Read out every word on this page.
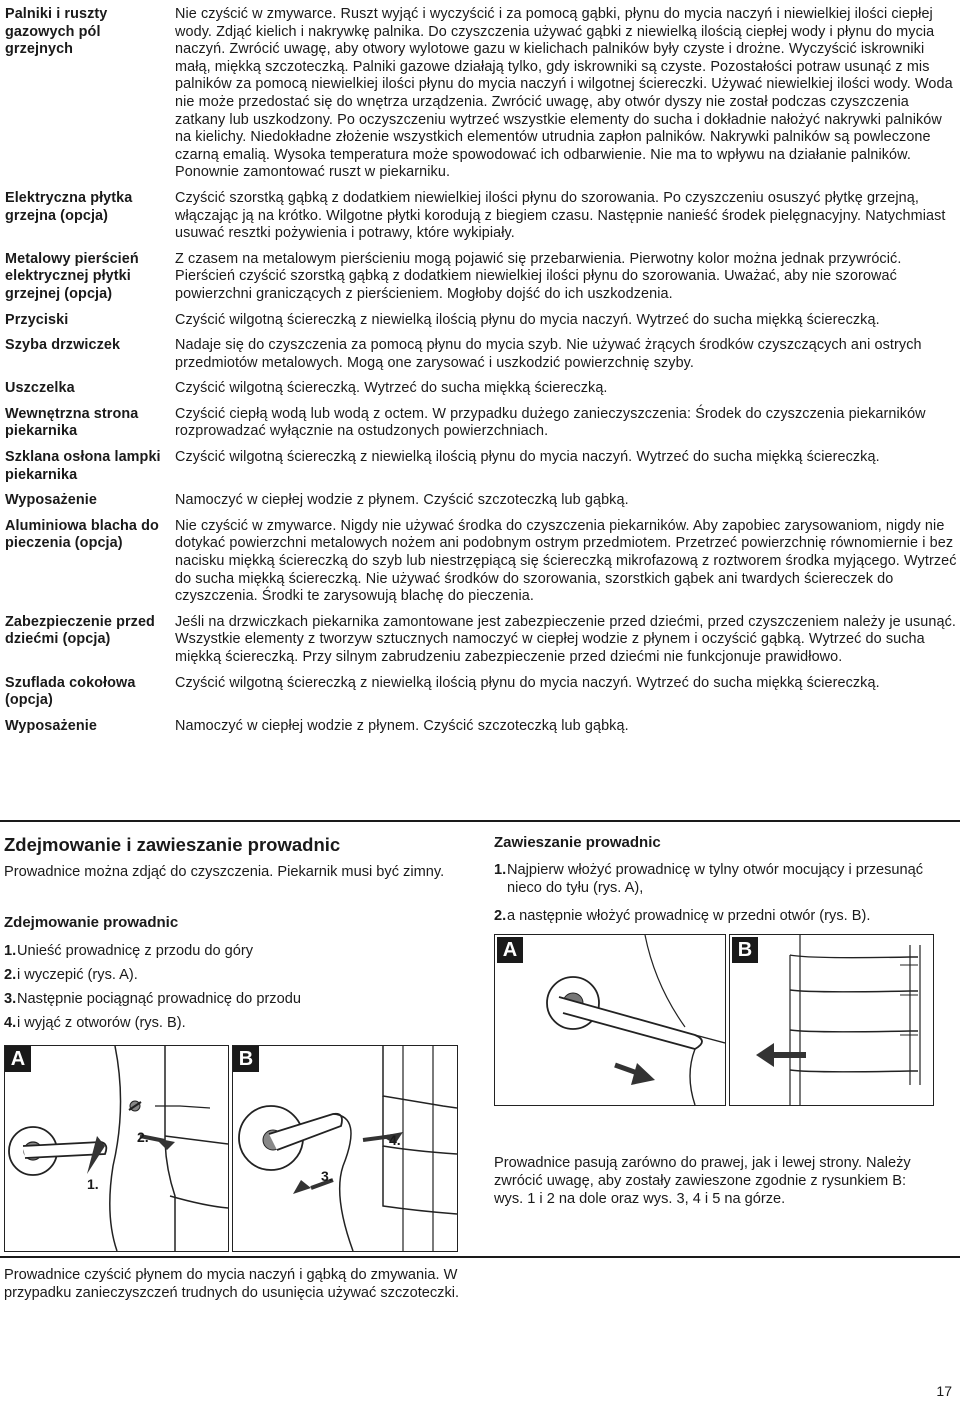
Palniki i ruszty gazowych pól grzejnych	Nie czyścić w zmywarce. Ruszt wyjąć i wyczyścić i za pomocą gąbki, płynu do mycia naczyń i niewielkiej ilości ciepłej wody. Zdjąć kielich i nakrywkę palnika. Do czyszczenia używać gąbki z niewielką ilością ciepłej wody i płynu do mycia naczyń. Zwrócić uwagę, aby otwory wylotowe gazu w kielichach palników były czyste i drożne. Wyczyścić iskrowniki małą, miękką szczoteczką. Palniki gazowe działają tylko, gdy iskrowniki są czyste. Pozostałości potraw usunąć z mis palników za pomocą niewielkiej ilości płynu do mycia naczyń i wilgotnej ściereczki. Używać niewielkiej ilości wody. Woda nie może przedostać się do wnętrza urządzenia. Zwrócić uwagę, aby otwór dyszy nie został podczas czyszczenia zatkany lub uszkodzony. Po oczyszczeniu wytrzeć wszystkie elementy do sucha i dokładnie nałożyć nakrywki palników na kielichy. Niedokładne złożenie wszystkich elementów utrudnia zapłon palników. Nakrywki palników są powleczone czarną emalią. Wysoka temperatura może spowodować ich odbarwienie. Nie ma to wpływu na działanie palników. Ponownie zamontować ruszt w piekarniku.
Elektryczna płytka grzejna (opcja)	Czyścić szorstką gąbką z dodatkiem niewielkiej ilości płynu do szorowania. Po czyszczeniu osuszyć płytkę grzejną, włączając ją na krótko. Wilgotne płytki korodują z biegiem czasu. Następnie nanieść środek pielęgnacyjny. Natychmiast usuwać resztki pożywienia i potrawy, które wykipiały.
Metalowy pierścień elektrycznej płytki grzejnej (opcja)	Z czasem na metalowym pierścieniu mogą pojawić się przebarwienia. Pierwotny kolor można jednak przywrócić. Pierścień czyścić szorstką gąbką z dodatkiem niewielkiej ilości płynu do szorowania. Uważać, aby nie szorować powierzchni graniczących z pierścieniem. Mogłoby dojść do ich uszkodzenia.
Przyciski	Czyścić wilgotną ściereczką z niewielką ilością płynu do mycia naczyń. Wytrzeć do sucha miękką ściereczką.
Szyba drzwiczek	Nadaje się do czyszczenia za pomocą płynu do mycia szyb. Nie używać żrących środków czyszczących ani ostrych przedmiotów metalowych. Mogą one zarysować i uszkodzić powierzchnię szyby.
Uszczelka	Czyścić wilgotną ściereczką. Wytrzeć do sucha miękką ściereczką.
Wewnętrzna strona piekarnika	Czyścić ciepłą wodą lub wodą z octem. W przypadku dużego zanieczyszczenia: Środek do czyszczenia piekarników rozprowadzać wyłącznie na ostudzonych powierzchniach.
Szklana osłona lampki piekarnika	Czyścić wilgotną ściereczką z niewielką ilością płynu do mycia naczyń. Wytrzeć do sucha miękką ściereczką.
Wyposażenie	Namoczyć w ciepłej wodzie z płynem. Czyścić szczoteczką lub gąbką.
Aluminiowa blacha do pieczenia (opcja)	Nie czyścić w zmywarce. Nigdy nie używać środka do czyszczenia piekarników. Aby zapobiec zarysowaniom, nigdy nie dotykać powierzchni metalowych nożem ani podobnym ostrym przedmiotem. Przetrzeć powierzchnię równomiernie i bez nacisku miękką ściereczką do szyb lub niestrzępiącą się ściereczką mikrofazową z roztworem środka myjącego. Wytrzeć do sucha miękką ściereczką. Nie używać środków do szorowania, szorstkich gąbek ani twardych ściereczek do czyszczenia. Środki te zarysowują blachę do pieczenia.
Zabezpieczenie przed dziećmi (opcja)	Jeśli na drzwiczkach piekarnika zamontowane jest zabezpieczenie przed dziećmi, przed czyszczeniem należy je usunąć. Wszystkie elementy z tworzyw sztucznych namoczyć w ciepłej wodzie z płynem i oczyścić gąbką. Wytrzeć do sucha miękką ściereczką. Przy silnym zabrudzeniu zabezpieczenie przed dziećmi nie funkcjonuje prawidłowo.
Szuflada cokołowa (opcja)	Czyścić wilgotną ściereczką z niewielką ilością płynu do mycia naczyń. Wytrzeć do sucha miękką ściereczką.
Wyposażenie	Namoczyć w ciepłej wodzie z płynem. Czyścić szczoteczką lub gąbką.
Zdejmowanie i zawieszanie prowadnic

Prowadnice można zdjąć do czyszczenia. Piekarnik musi być zimny.

Zdejmowanie prowadnic
1. Unieść prowadnicę z przodu do góry
2. i wyczepić (rys. A).
3. Następnie pociągnąć prowadnicę do przodu
4. i wyjąć z otworów (rys. B).
A
1.
2.
B
3.
4.
Zawieszanie prowadnic
1. Najpierw włożyć prowadnicę w tylny otwór mocujący i przesunąć nieco do tyłu (rys. A),
2. a następnie włożyć prowadnicę w przedni otwór (rys. B).
A	B

Prowadnice pasują zarówno do prawej, jak i lewej strony. Należy zwrócić uwagę, aby zostały zawieszone zgodnie z rysunkiem B: wys. 1 i 2 na dole oraz wys. 3, 4 i 5 na górze.

Prowadnice czyścić płynem do mycia naczyń i gąbką do zmywania. W przypadku zanieczyszczeń trudnych do usunięcia używać szczoteczki.

17
